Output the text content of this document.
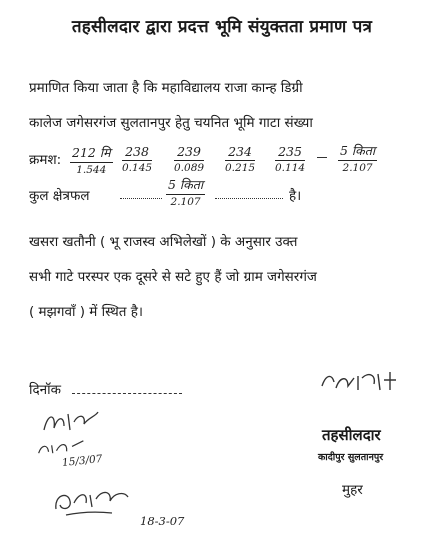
तहसीलदार द्वारा प्रदत्त भूमि संयुक्तता प्रमाण पत्र
प्रमाणित किया जाता है कि महाविद्यालय राजा कान्ह डिग्री
कालेज जगेसरगंज सुलतानपुर हेतु चयनित भूमि गाटा संख्या
क्रमश: 212 मि
1.544
238
0.145
239
0.089
234
0.215
235
0.114
5 किता
2.107
कुल क्षेत्रफल
5 किता
2.107	है।
खसरा खतौनी ( भू राजस्व अभिलेखों ) के अनुसार उक्त
सभी गाटे परस्पर एक दूसरे से सटे हुए हैं जो ग्राम जगेसरगंज
( मझगवॉं ) में स्थित है।
दिनॉक
तहसीलदार
कादीपुर सुलतानपुर
मुहर
15/3/07
18-3-07
